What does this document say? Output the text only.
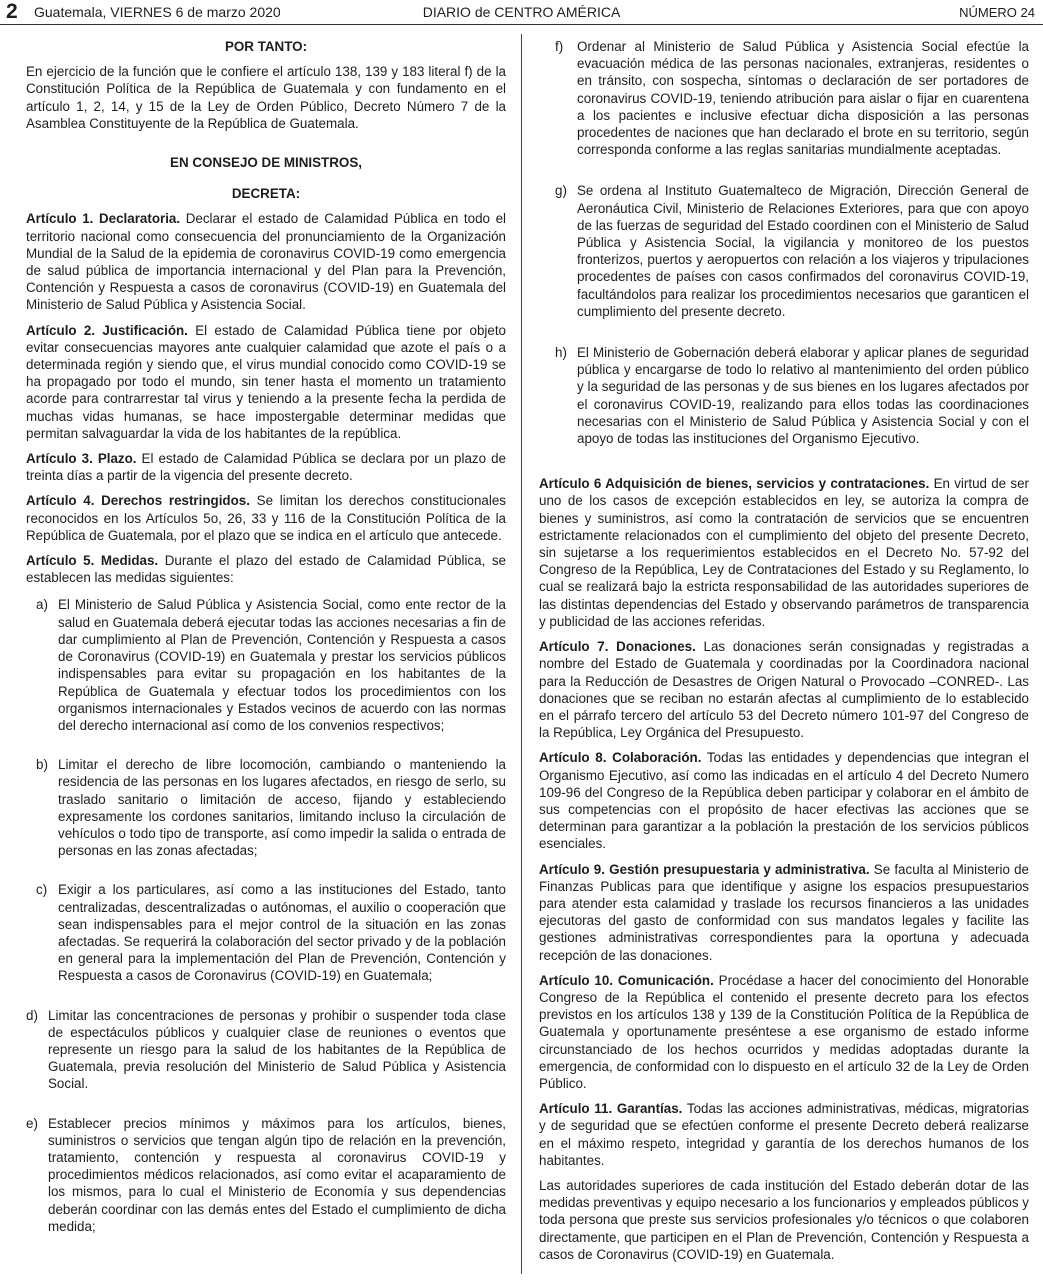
2 Guatemala, VIERNES 6 de marzo 2020	DIARIO de CENTRO AMÉRICA	NÚMERO 24

POR TANTO:

En ejercicio de la función que le confiere el artículo 138, 139 y 183 literal f) de la Constitución Política de la República de Guatemala y con fundamento en el artículo 1, 2, 14, y 15 de la Ley de Orden Público, Decreto Número 7 de la Asamblea Constituyente de la República de Guatemala.

EN CONSEJO DE MINISTROS,

DECRETA:

Artículo 1. Declaratoria. Declarar el estado de Calamidad Pública en todo el territorio nacional como consecuencia del pronunciamiento de la Organización Mundial de la Salud de la epidemia de coronavirus COVID-19 como emergencia de salud pública de importancia internacional y del Plan para la Prevención, Contención y Respuesta a casos de coronavirus (COVID-19) en Guatemala del Ministerio de Salud Pública y Asistencia Social.

Artículo 2. Justificación. El estado de Calamidad Pública tiene por objeto evitar consecuencias mayores ante cualquier calamidad que azote el país o a determinada región y siendo que, el virus mundial conocido como COVID-19 se ha propagado por todo el mundo, sin tener hasta el momento un tratamiento acorde para contrarrestar tal virus y teniendo a la presente fecha la perdida de muchas vidas humanas, se hace impostergable determinar medidas que permitan salvaguardar la vida de los habitantes de la república.

Artículo 3. Plazo. El estado de Calamidad Pública se declara por un plazo de treinta días a partir de la vigencia del presente decreto.

Artículo 4. Derechos restringidos. Se limitan los derechos constitucionales reconocidos en los Artículos 5o, 26, 33 y 116 de la Constitución Política de la República de Guatemala, por el plazo que se indica en el artículo que antecede.

Artículo 5. Medidas. Durante el plazo del estado de Calamidad Pública, se establecen las medidas siguientes:

a) El Ministerio de Salud Pública y Asistencia Social, como ente rector de la salud en Guatemala deberá ejecutar todas las acciones necesarias a fin de dar cumplimiento al Plan de Prevención, Contención y Respuesta a casos de Coronavirus (COVID-19) en Guatemala y prestar los servicios públicos indispensables para evitar su propagación en los habitantes de la República de Guatemala y efectuar todos los procedimientos con los organismos internacionales y Estados vecinos de acuerdo con las normas del derecho internacional así como de los convenios respectivos;
b) Limitar el derecho de libre locomoción, cambiando o manteniendo la residencia de las personas en los lugares afectados, en riesgo de serlo, su traslado sanitario o limitación de acceso, fijando y estableciendo expresamente los cordones sanitarios, limitando incluso la circulación de vehículos o todo tipo de transporte, así como impedir la salida o entrada de personas en las zonas afectadas;
c) Exigir a los particulares, así como a las instituciones del Estado, tanto centralizadas, descentralizadas o autónomas, el auxilio o cooperación que sean indispensables para el mejor control de la situación en las zonas afectadas. Se requerirá la colaboración del sector privado y de la población en general para la implementación del Plan de Prevención, Contención y Respuesta a casos de Coronavirus (COVID-19) en Guatemala;
d) Limitar las concentraciones de personas y prohibir o suspender toda clase de espectáculos públicos y cualquier clase de reuniones o eventos que represente un riesgo para la salud de los habitantes de la República de Guatemala, previa resolución del Ministerio de Salud Pública y Asistencia Social.
e) Establecer precios mínimos y máximos para los artículos, bienes, suministros o servicios que tengan algún tipo de relación en la prevención, tratamiento, contención y respuesta al coronavirus COVID-19 y procedimientos médicos relacionados, así como evitar el acaparamiento de los mismos, para lo cual el Ministerio de Economía y sus dependencias deberán coordinar con las demás entes del Estado el cumplimiento de dicha medida;
f)	Ordenar al Ministerio de Salud Pública y Asistencia Social efectúe la evacuación médica de las personas nacionales, extranjeras, residentes o en tránsito, con sospecha, síntomas o declaración de ser portadores de coronavirus COVID-19, teniendo atribución para aislar o fijar en cuarentena a los pacientes e inclusive efectuar dicha disposición a las personas procedentes de naciones que han declarado el brote en su territorio, según corresponda conforme a las reglas sanitarias mundialmente aceptadas.
g) Se ordena al Instituto Guatemalteco de Migración, Dirección General de Aeronáutica Civil, Ministerio de Relaciones Exteriores, para que con apoyo de las fuerzas de seguridad del Estado coordinen con el Ministerio de Salud Pública y Asistencia Social, la vigilancia y monitoreo de los puestos fronterizos, puertos y aeropuertos con relación a los viajeros y tripulaciones procedentes de países con casos confirmados del coronavirus COVID-19, facultándolos para realizar los procedimientos necesarios que garanticen el cumplimiento del presente decreto.
h) El Ministerio de Gobernación deberá elaborar y aplicar planes de seguridad pública y encargarse de todo lo relativo al mantenimiento del orden público y la seguridad de las personas y de sus bienes en los lugares afectados por el coronavirus COVID-19, realizando para ellos todas las coordinaciones necesarias con el Ministerio de Salud Pública y Asistencia Social y con el apoyo de todas las instituciones del Organismo Ejecutivo.

Artículo 6 Adquisición de bienes, servicios y contrataciones. En virtud de ser uno de los casos de excepción establecidos en ley, se autoriza la compra de bienes y suministros, así como la contratación de servicios que se encuentren estrictamente relacionados con el cumplimiento del objeto del presente Decreto, sin sujetarse a los requerimientos establecidos en el Decreto No. 57-92 del Congreso de la República, Ley de Contrataciones del Estado y su Reglamento, lo cual se realizará bajo la estricta responsabilidad de las autoridades superiores de las distintas dependencias del Estado y observando parámetros de transparencia y publicidad de las acciones referidas.

Artículo 7. Donaciones. Las donaciones serán consignadas y registradas a nombre del Estado de Guatemala y coordinadas por la Coordinadora nacional para la Reducción de Desastres de Origen Natural o Provocado –CONRED-. Las donaciones que se reciban no estarán afectas al cumplimiento de lo establecido en el párrafo tercero del artículo 53 del Decreto número 101-97 del Congreso de la República, Ley Orgánica del Presupuesto.

Artículo 8. Colaboración. Todas las entidades y dependencias que integran el Organismo Ejecutivo, así como las indicadas en el artículo 4 del Decreto Numero 109-96 del Congreso de la República deben participar y colaborar en el ámbito de sus competencias con el propósito de hacer efectivas las acciones que se determinan para garantizar a la población la prestación de los servicios públicos esenciales.

Artículo 9. Gestión presupuestaria y administrativa. Se faculta al Ministerio de Finanzas Publicas para que identifique y asigne los espacios presupuestarios para atender esta calamidad y traslade los recursos financieros a las unidades ejecutoras del gasto de conformidad con sus mandatos legales y facilite las gestiones administrativas correspondientes para la oportuna y adecuada recepción de las donaciones.

Artículo 10. Comunicación. Procédase a hacer del conocimiento del Honorable Congreso de la República el contenido el presente decreto para los efectos previstos en los artículos 138 y 139 de la Constitución Política de la República de Guatemala y oportunamente preséntese a ese organismo de estado informe circunstanciado de los hechos ocurridos y medidas adoptadas durante la emergencia, de conformidad con lo dispuesto en el artículo 32 de la Ley de Orden Público.

Artículo 11. Garantías. Todas las acciones administrativas, médicas, migratorias y de seguridad que se efectúen conforme el presente Decreto deberá realizarse en el máximo respeto, integridad y garantía de los derechos humanos de los habitantes.

Las autoridades superiores de cada institución del Estado deberán dotar de las medidas preventivas y equipo necesario a los funcionarios y empleados públicos y toda persona que preste sus servicios profesionales y/o técnicos o que colaboren directamente, que participen en el Plan de Prevención, Contención y Respuesta a casos de Coronavirus (COVID-19) en Guatemala.
